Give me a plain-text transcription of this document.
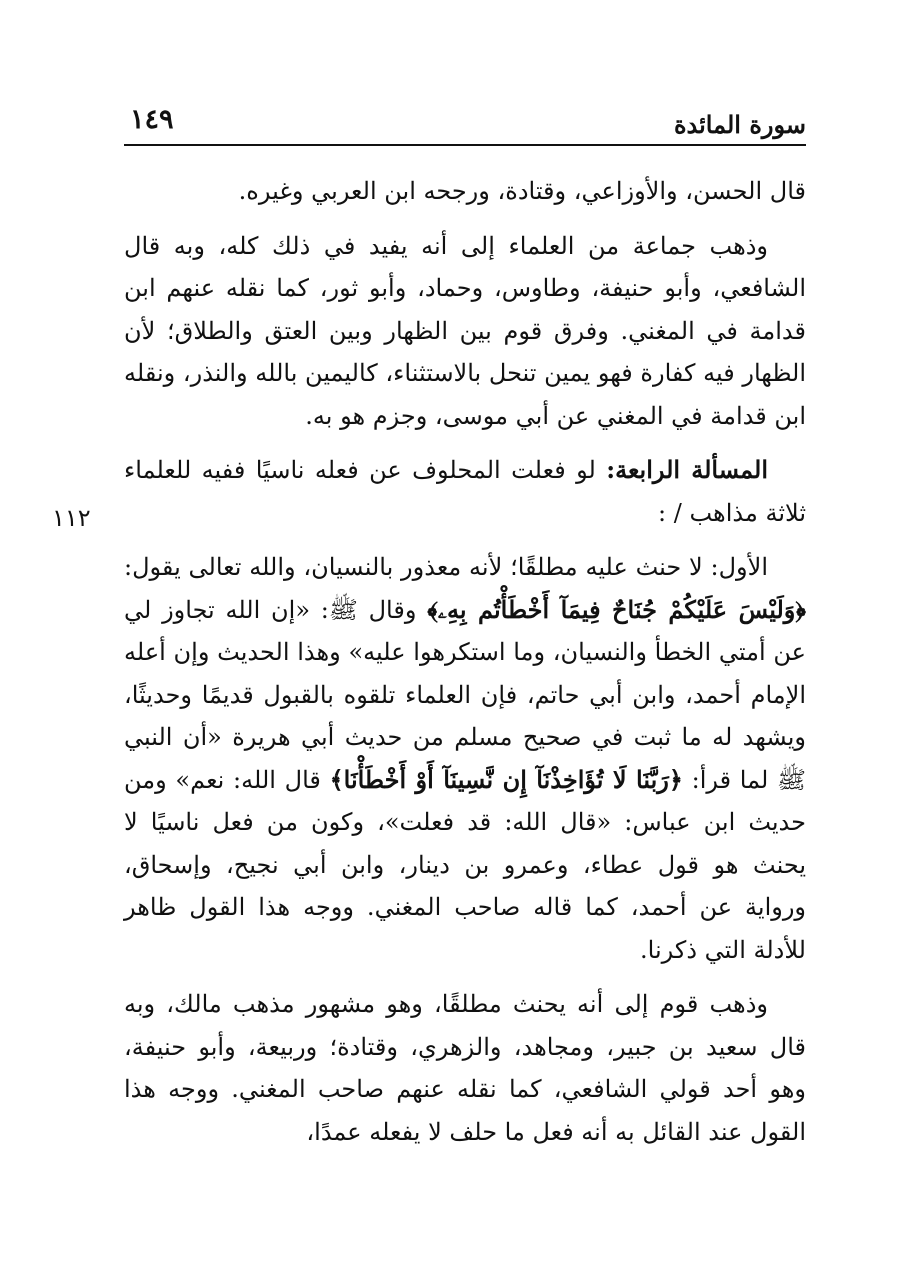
١٤٩	سورة المائدة
١١٢

قال الحسن، والأوزاعي، وقتادة، ورجحه ابن العربي وغيره.

وذهب جماعة من العلماء إلى أنه يفيد في ذلك كله، وبه قال الشافعي، وأبو حنيفة، وطاوس، وحماد، وأبو ثور، كما نقله عنهم ابن قدامة في المغني. وفرق قوم بين الظهار وبين العتق والطلاق؛ لأن الظهار فيه كفارة فهو يمين تنحل بالاستثناء، كاليمين بالله والنذر، ونقله ابن قدامة في المغني عن أبي موسى، وجزم هو به.

المسألة الرابعة: لو فعلت المحلوف عن فعله ناسيًا ففيه للعلماء ثلاثة مذاهب / :

الأول: لا حنث عليه مطلقًا؛ لأنه معذور بالنسيان، والله تعالى يقول: ﴿وَلَيْسَ عَلَيْكُمْ جُنَاحٌ فِيمَآ أَخْطَأْتُم بِهِۦ﴾ وقال ﷺ: «إن الله تجاوز لي عن أمتي الخطأ والنسيان، وما استكرهوا عليه» وهذا الحديث وإن أعله الإمام أحمد، وابن أبي حاتم، فإن العلماء تلقوه بالقبول قديمًا وحديثًا، ويشهد له ما ثبت في صحيح مسلم من حديث أبي هريرة «أن النبي ﷺ لما قرأ: ﴿رَبَّنَا لَا تُؤَاخِذْنَآ إِن نَّسِينَآ أَوْ أَخْطَأْنَا﴾ قال الله: نعم» ومن حديث ابن عباس: «قال الله: قد فعلت»، وكون من فعل ناسيًا لا يحنث هو قول عطاء، وعمرو بن دينار، وابن أبي نجيح، وإسحاق، ورواية عن أحمد، كما قاله صاحب المغني. ووجه هذا القول ظاهر للأدلة التي ذكرنا.

وذهب قوم إلى أنه يحنث مطلقًا، وهو مشهور مذهب مالك، وبه قال سعيد بن جبير، ومجاهد، والزهري، وقتادة؛ وربيعة، وأبو حنيفة، وهو أحد قولي الشافعي، كما نقله عنهم صاحب المغني. ووجه هذا القول عند القائل به أنه فعل ما حلف لا يفعله عمدًا،
